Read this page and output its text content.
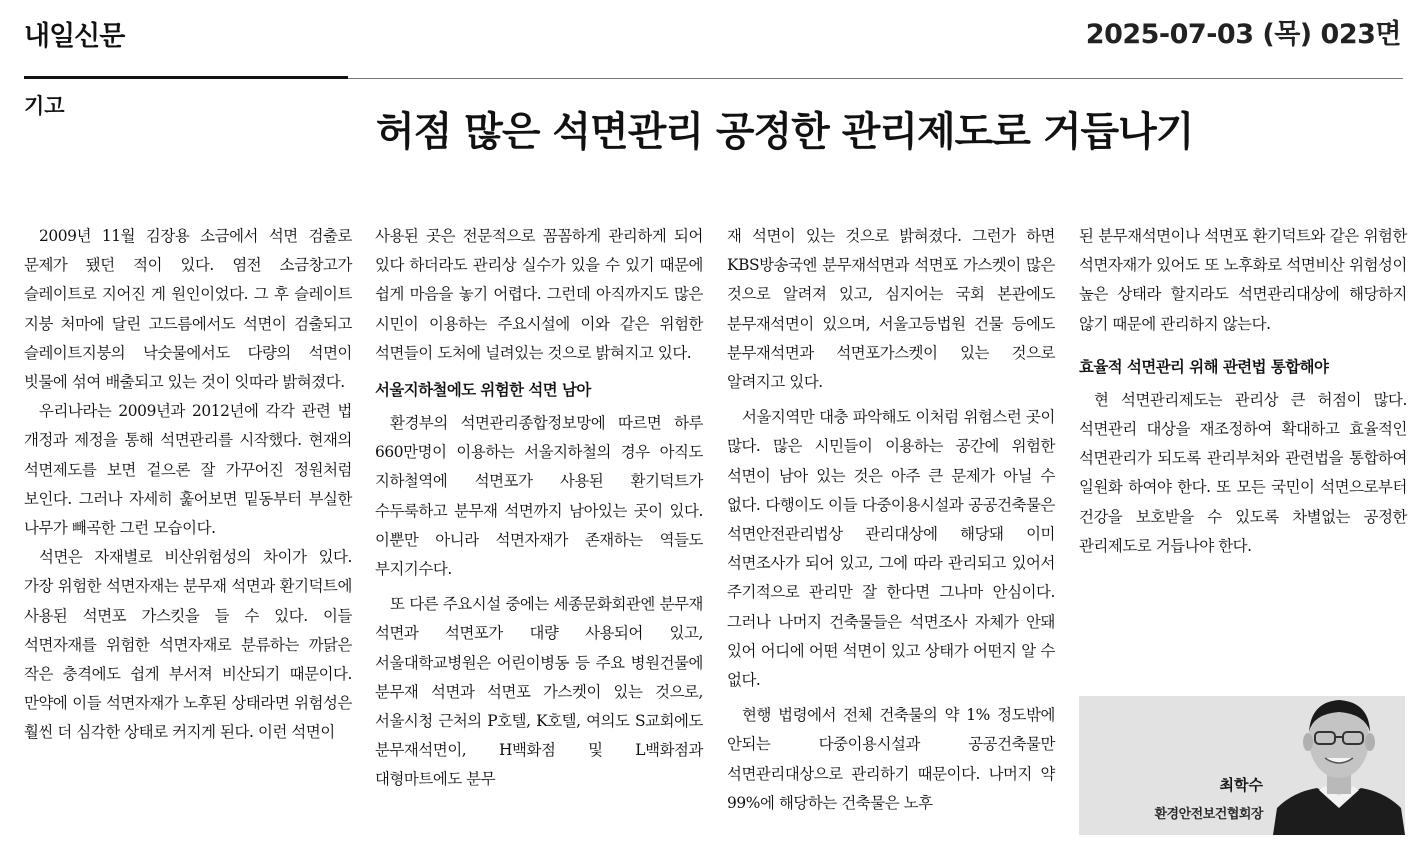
내일신문	2025-07-03 (목) 023면
기고
허점 많은 석면관리 공정한 관리제도로 거듭나기

2009년 11월 김장용 소금에서 석면 검출로 문제가 됐던 적이 있다. 염전 소금창고가 슬레이트로 지어진 게 원인이었다. 그 후 슬레이트 지붕 처마에 달린 고드름에서도 석면이 검출되고 슬레이트지붕의 낙숫물에서도 다량의 석면이 빗물에 섞여 배출되고 있는 것이 잇따라 밝혀졌다.

우리나라는 2009년과 2012년에 각각 관련 법 개정과 제정을 통해 석면관리를 시작했다. 현재의 석면제도를 보면 겉으론 잘 가꾸어진 정원처럼 보인다. 그러나 자세히 훑어보면 밑동부터 부실한 나무가 빼곡한 그런 모습이다.

석면은 자재별로 비산위험성의 차이가 있다. 가장 위험한 석면자재는 분무재 석면과 환기덕트에 사용된 석면포 가스킷을 들 수 있다. 이들 석면자재를 위험한 석면자재로 분류하는 까닭은 작은 충격에도 쉽게 부서져 비산되기 때문이다. 만약에 이들 석면자재가 노후된 상태라면 위험성은 훨씬 더 심각한 상태로 커지게 된다. 이런 석면이

사용된 곳은 전문적으로 꼼꼼하게 관리하게 되어 있다 하더라도 관리상 실수가 있을 수 있기 때문에 쉽게 마음을 놓기 어렵다. 그런데 아직까지도 많은 시민이 이용하는 주요시설에 이와 같은 위험한 석면들이 도처에 널려있는 것으로 밝혀지고 있다.

서울지하철에도 위험한 석면 남아

환경부의 석면관리종합정보망에 따르면 하루 660만명이 이용하는 서울지하철의 경우 아직도 지하철역에 석면포가 사용된 환기덕트가 수두룩하고 분무재 석면까지 남아있는 곳이 있다. 이뿐만 아니라 석면자재가 존재하는 역들도 부지기수다.

또 다른 주요시설 중에는 세종문화회관엔 분무재 석면과 석면포가 대량 사용되어 있고, 서울대학교병원은 어린이병동 등 주요 병원건물에 분무재 석면과 석면포 가스켓이 있는 것으로, 서울시청 근처의 P호텔, K호텔, 여의도 S교회에도 분무재석면이, H백화점 및 L백화점과 대형마트에도 분무

재 석면이 있는 것으로 밝혀졌다. 그런가 하면 KBS방송국엔 분무재석면과 석면포 가스켓이 많은 것으로 알려져 있고, 심지어는 국회 본관에도 분무재석면이 있으며, 서울고등법원 건물 등에도 분무재석면과 석면포가스켓이 있는 것으로 알려지고 있다.

서울지역만 대충 파악해도 이처럼 위험스런 곳이 많다. 많은 시민들이 이용하는 공간에 위험한 석면이 남아 있는 것은 아주 큰 문제가 아닐 수 없다. 다행이도 이들 다중이용시설과 공공건축물은 석면안전관리법상 관리대상에 해당돼 이미 석면조사가 되어 있고, 그에 따라 관리되고 있어서 주기적으로 관리만 잘 한다면 그나마 안심이다. 그러나 나머지 건축물들은 석면조사 자체가 안돼 있어 어디에 어떤 석면이 있고 상태가 어떤지 알 수 없다.

현행 법령에서 전체 건축물의 약 1% 정도밖에 안되는 다중이용시설과 공공건축물만 석면관리대상으로 관리하기 때문이다. 나머지 약 99%에 해당하는 건축물은 노후

된 분무재석면이나 석면포 환기덕트와 같은 위험한 석면자재가 있어도 또 노후화로 석면비산 위험성이 높은 상태라 할지라도 석면관리대상에 해당하지 않기 때문에 관리하지 않는다.

효율적 석면관리 위해 관련법 통합해야

현 석면관리제도는 관리상 큰 허점이 많다. 석면관리 대상을 재조정하여 확대하고 효율적인 석면관리가 되도록 관리부처와 관련법을 통합하여 일원화 하여야 한다. 또 모든 국민이 석면으로부터 건강을 보호받을 수 있도록 차별없는 공정한 관리제도로 거듭나야 한다.

최학수
환경안전보건협회장
